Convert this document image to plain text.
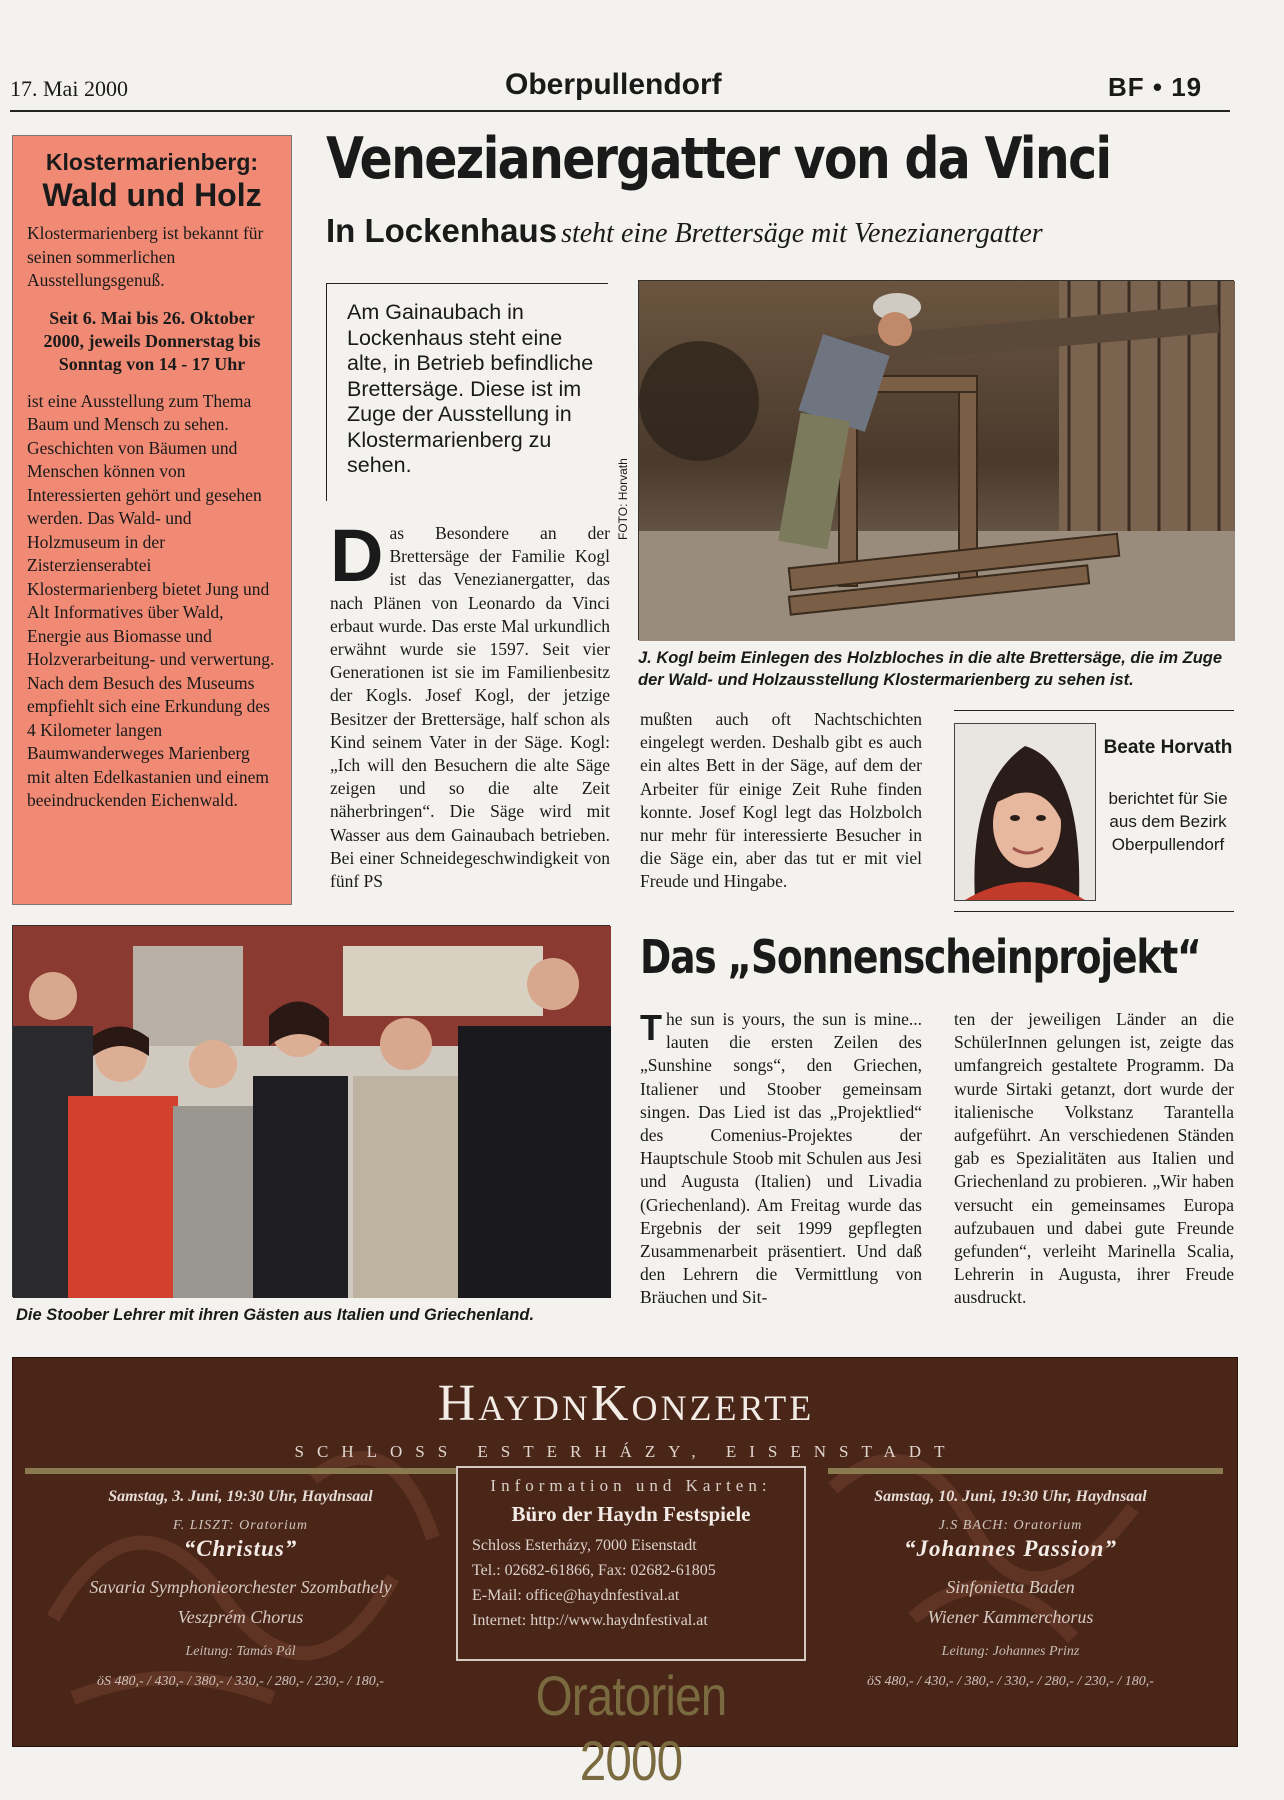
17. Mai 2000	Oberpullendorf	BF • 19
Klostermarienberg:
Wald und Holz

Klostermarienberg ist bekannt für seinen sommerlichen Ausstellungsgenuß.

Seit 6. Mai bis 26. Oktober 2000, jeweils Donnerstag bis Sonntag von 14 - 17 Uhr

ist eine Ausstellung zum Thema Baum und Mensch zu sehen. Geschichten von Bäumen und Menschen können von Interessierten gehört und gesehen werden. Das Wald- und Holzmuseum in der Zisterzienserabtei Klostermarienberg bietet Jung und Alt Informatives über Wald, Energie aus Biomasse und Holzverarbeitung- und verwertung. Nach dem Besuch des Museums empfiehlt sich eine Erkundung des 4 Kilometer langen Baumwanderweges Marienberg mit alten Edelkastanien und einem beeindruckenden Eichenwald.

Venezianergatter von da Vinci
In Lockenhaus steht eine Brettersäge mit Venezianergatter
Am Gainaubach in Lockenhaus steht eine alte, in Betrieb befindliche Brettersäge. Diese ist im Zuge der Ausstellung in Klostermarienberg zu sehen.	FOTO: Horvath
J. Kogl beim Einlegen des Holzbloches in die alte Brettersäge, die im Zuge der Wald- und Holzausstellung Klostermarienberg zu sehen ist.
D as Besondere an der Brettersäge der Familie Kogl ist das Venezianergatter, das nach Plänen von Leonardo da Vinci erbaut wurde. Das erste Mal urkundlich erwähnt wurde sie 1597. Seit vier Generationen ist sie im Familienbesitz der Kogls. Josef Kogl, der jetzige Besitzer der Brettersäge, half schon als Kind seinem Vater in der Säge. Kogl: „Ich will den Besuchern die alte Säge zeigen und so die alte Zeit näherbringen“. Die Säge wird mit Wasser aus dem Gainaubach betrieben. Bei einer Schneidegeschwindigkeit von fünf PS
mußten auch oft Nachtschichten eingelegt werden. Deshalb gibt es auch ein altes Bett in der Säge, auf dem der Arbeiter für einige Zeit Ruhe finden konnte. Josef Kogl legt das Holzbolch nur mehr für interessierte Besucher in die Säge ein, aber das tut er mit viel Freude und Hingabe.
Beate Horvath
berichtet für Sie aus dem Bezirk Oberpullendorf
Die Stoober Lehrer mit ihren Gästen aus Italien und Griechenland.
Das „Sonnenscheinprojekt“
T he sun is yours, the sun is mine... lauten die ersten Zeilen des „Sunshine songs“, den Griechen, Italiener und Stoober gemeinsam singen. Das Lied ist das „Projektlied“ des Comenius-Projektes der Hauptschule Stoob mit Schulen aus Jesi und Augusta (Italien) und Livadia (Griechenland). Am Freitag wurde das Ergebnis der seit 1999 gepflegten Zusammenarbeit präsentiert. Und daß den Lehrern die Vermittlung von Bräuchen und Sit-
ten der jeweiligen Länder an die SchülerInnen gelungen ist, zeigte das umfangreich gestaltete Programm. Da wurde Sirtaki getanzt, dort wurde der italienische Volkstanz Tarantella aufgeführt. An verschiedenen Ständen gab es Spezialitäten aus Italien und Griechenland zu probieren. „Wir haben versucht ein gemeinsames Europa aufzubauen und dabei gute Freunde gefunden“, verleiht Marinella Scalia, Lehrerin in Augusta, ihrer Freude ausdruckt.
HaydnKonzerte
SCHLOSS ESTERHÁZY, EISENSTADT
Samstag, 3. Juni, 19:30 Uhr, Haydnsaal
F. LISZT: Oratorium
“Christus”
Savaria Symphonieorchester Szombathely
Veszprém Chorus
Leitung: Tamás Pál
öS 480,- / 430,- / 380,- / 330,- / 280,- / 230,- / 180,-
Information und Karten:
Büro der Haydn Festspiele
Schloss Esterházy, 7000 Eisenstadt
Tel.: 02682-61866, Fax: 02682-61805
E-Mail: office@haydnfestival.at
Internet: http://www.haydnfestival.at
Samstag, 10. Juni, 19:30 Uhr, Haydnsaal
J.S BACH: Oratorium
“Johannes Passion”
Sinfonietta Baden
Wiener Kammerchorus
Leitung: Johannes Prinz
öS 480,- / 430,- / 380,- / 330,- / 280,- / 230,- / 180,-
Oratorien 2000
